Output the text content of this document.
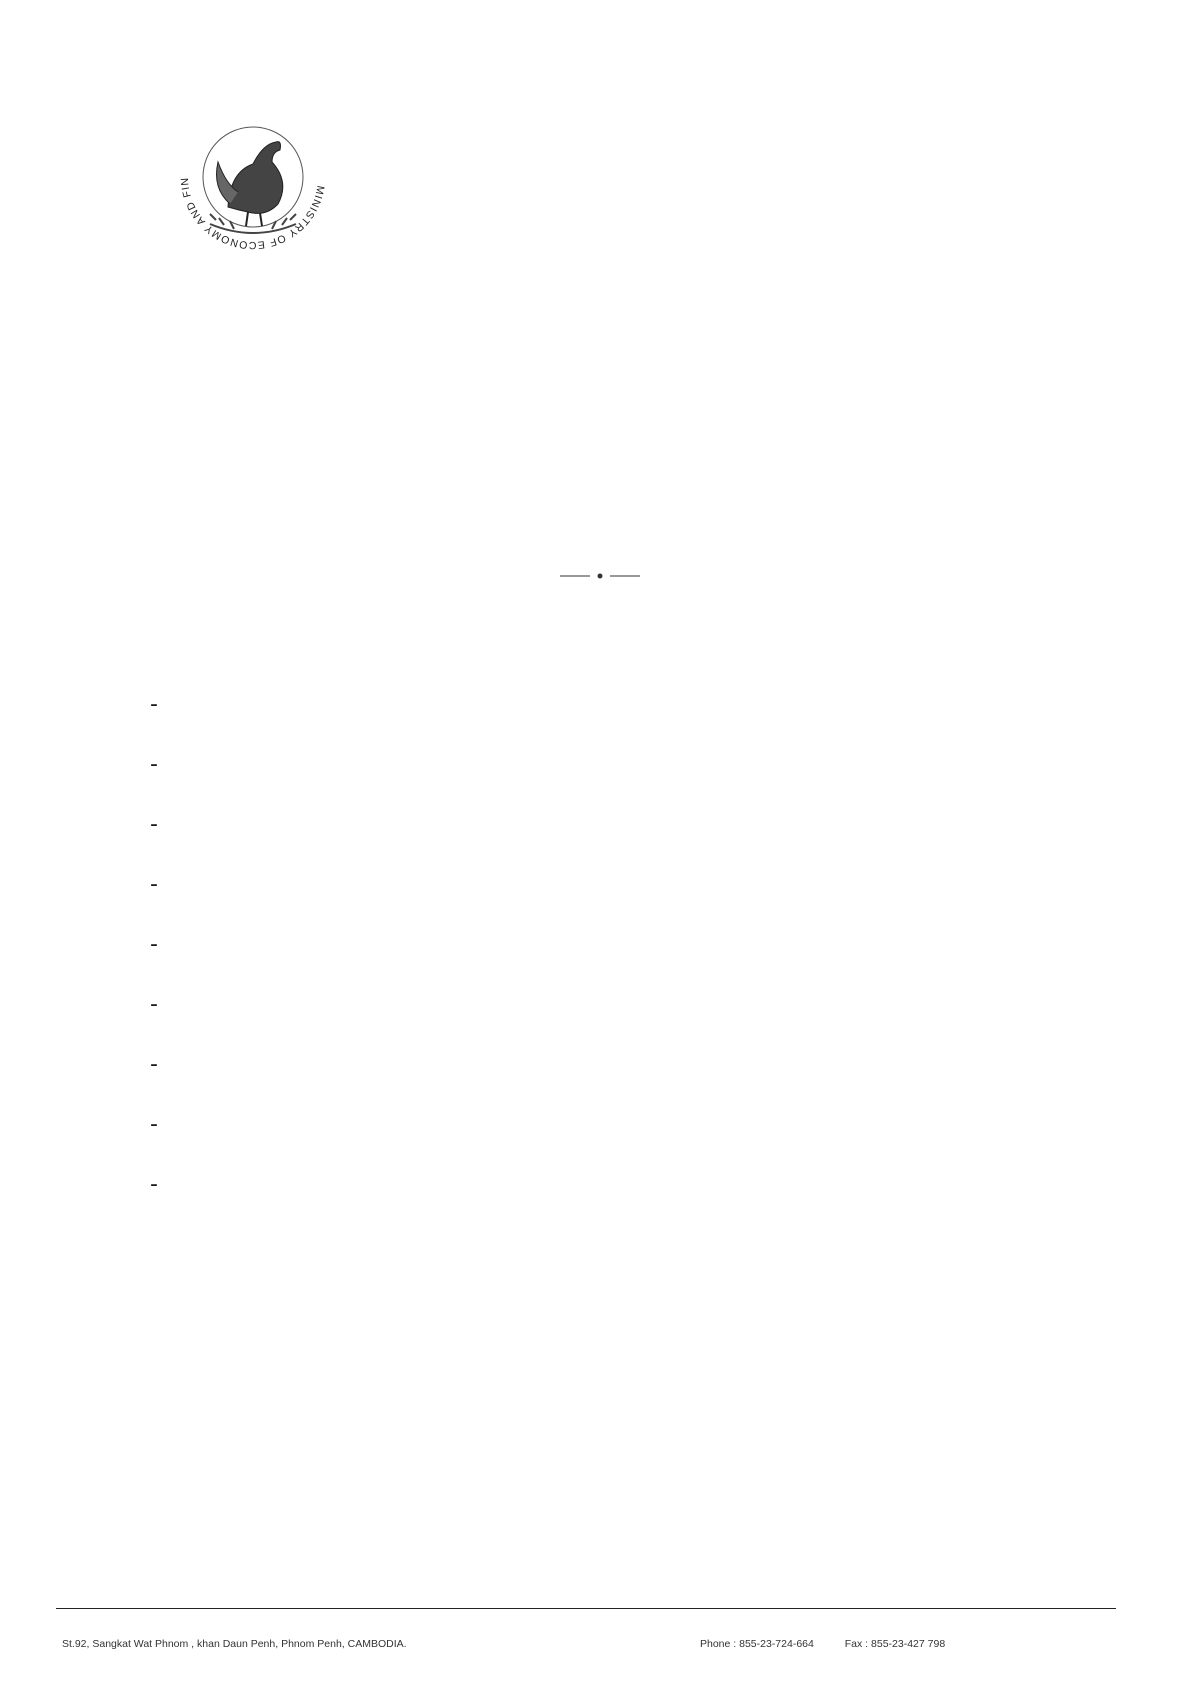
MINISTRY OF ECONOMY AND FIN
-
-
-
-
-
-
-
-
-
St.92, Sangkat Wat Phnom , khan Daun Penh, Phnom Penh, CAMBODIA.	Phone : 855-23-724-664	Fax : 855-23-427 798
